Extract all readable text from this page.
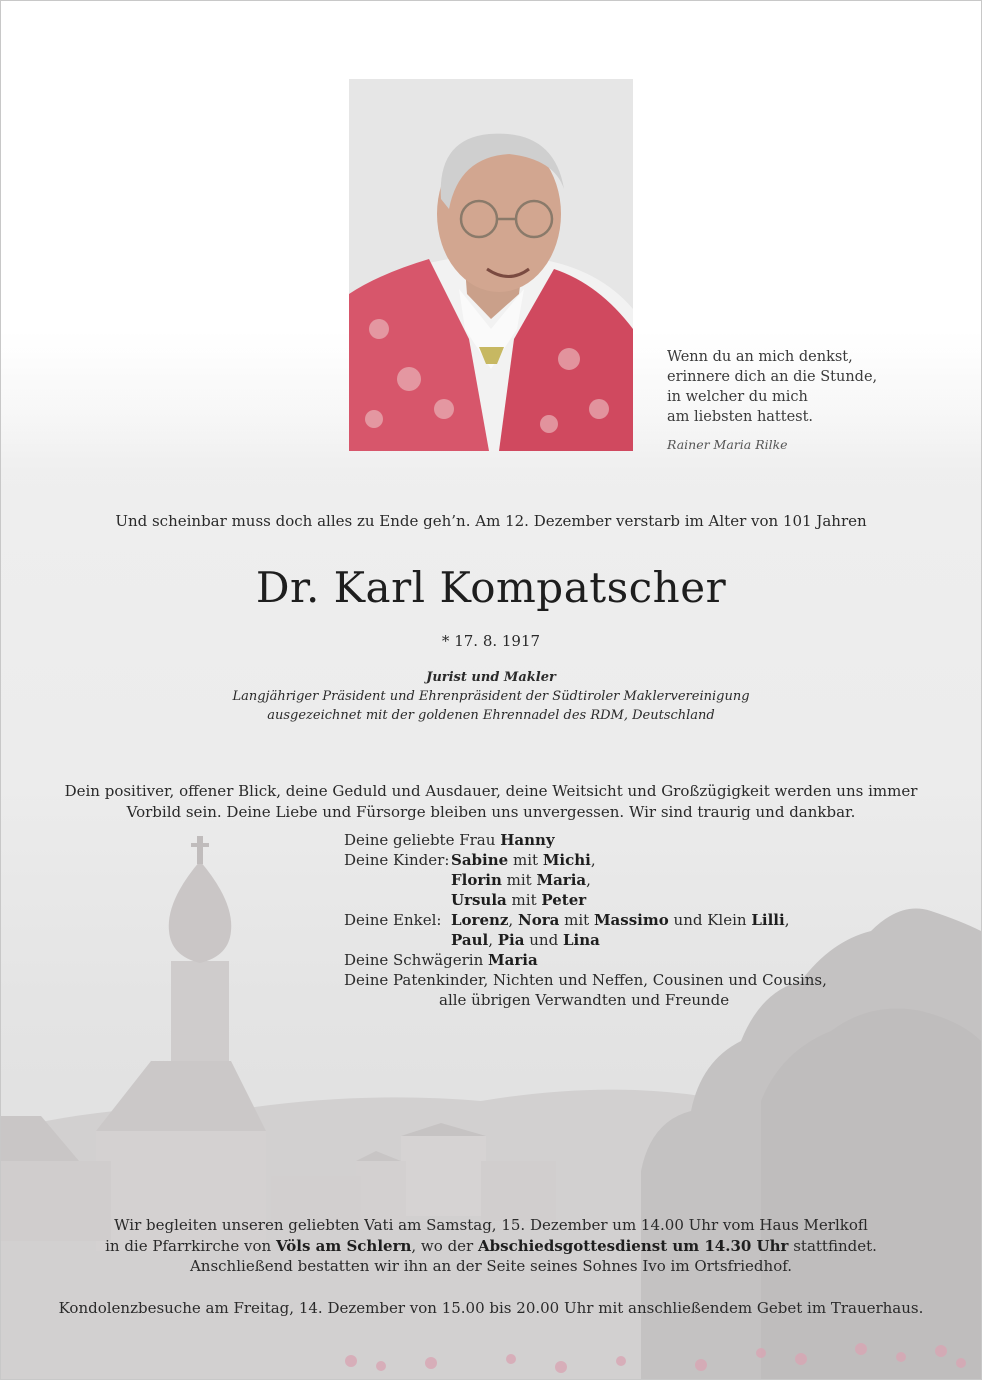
Wenn du an mich denkst,
erinnere dich an die Stunde,
in welcher du mich
am liebsten hattest.
Rainer Maria Rilke
Und scheinbar muss doch alles zu Ende geh’n. Am 12. Dezember verstarb im Alter von 101 Jahren
Dr. Karl Kompatscher
* 17. 8. 1917
Jurist und Makler
Langjähriger Präsident und Ehrenpräsident der Südtiroler Maklervereinigung
ausgezeichnet mit der goldenen Ehrennadel des RDM, Deutschland
Dein positiver, offener Blick, deine Geduld und Ausdauer, deine Weitsicht und Großzügigkeit werden uns immer
Vorbild sein. Deine Liebe und Fürsorge bleiben uns unvergessen. Wir sind traurig und dankbar.
Deine geliebte Frau Hanny
Deine Kinder: Sabine mit Michi,
Florin mit Maria,
Ursula mit Peter
Deine Enkel: Lorenz, Nora mit Massimo und Klein Lilli,
Paul, Pia und Lina
Deine Schwägerin Maria
Deine Patenkinder, Nichten und Neffen, Cousinen und Cousins,
alle übrigen Verwandten und Freunde
Wir begleiten unseren geliebten Vati am Samstag, 15. Dezember um 14.00 Uhr vom Haus Merlkofl
in die Pfarrkirche von Völs am Schlern, wo der Abschiedsgottesdienst um 14.30 Uhr stattfindet.
Anschließend bestatten wir ihn an der Seite seines Sohnes Ivo im Ortsfriedhof.
Kondolenzbesuche am Freitag, 14. Dezember von 15.00 bis 20.00 Uhr mit anschließendem Gebet im Trauerhaus.
